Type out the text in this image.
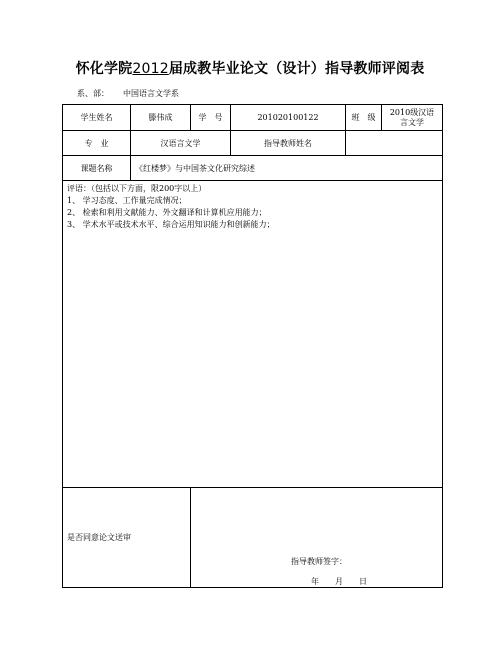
怀化学院2012届成教毕业论文（设计）指导教师评阅表
系、部： 中国语言文学系
学生姓名	滕伟成	学　号	201020100122	班　级	2010级汉语言文学
专　业	汉语言文学		指导教师姓名		
课题名称	《红楼梦》与中国茶文化研究综述				

评语：（包括以下方面，限200字以上）
1、 学习态度、工作量完成情况；
2、 检索和利用文献能力、外文翻译和计算机应用能力；
3、 学术水平或技术水平、综合运用知识能力和创新能力；					

是否同意论文送审		指导教师签字：
年 月 日			
